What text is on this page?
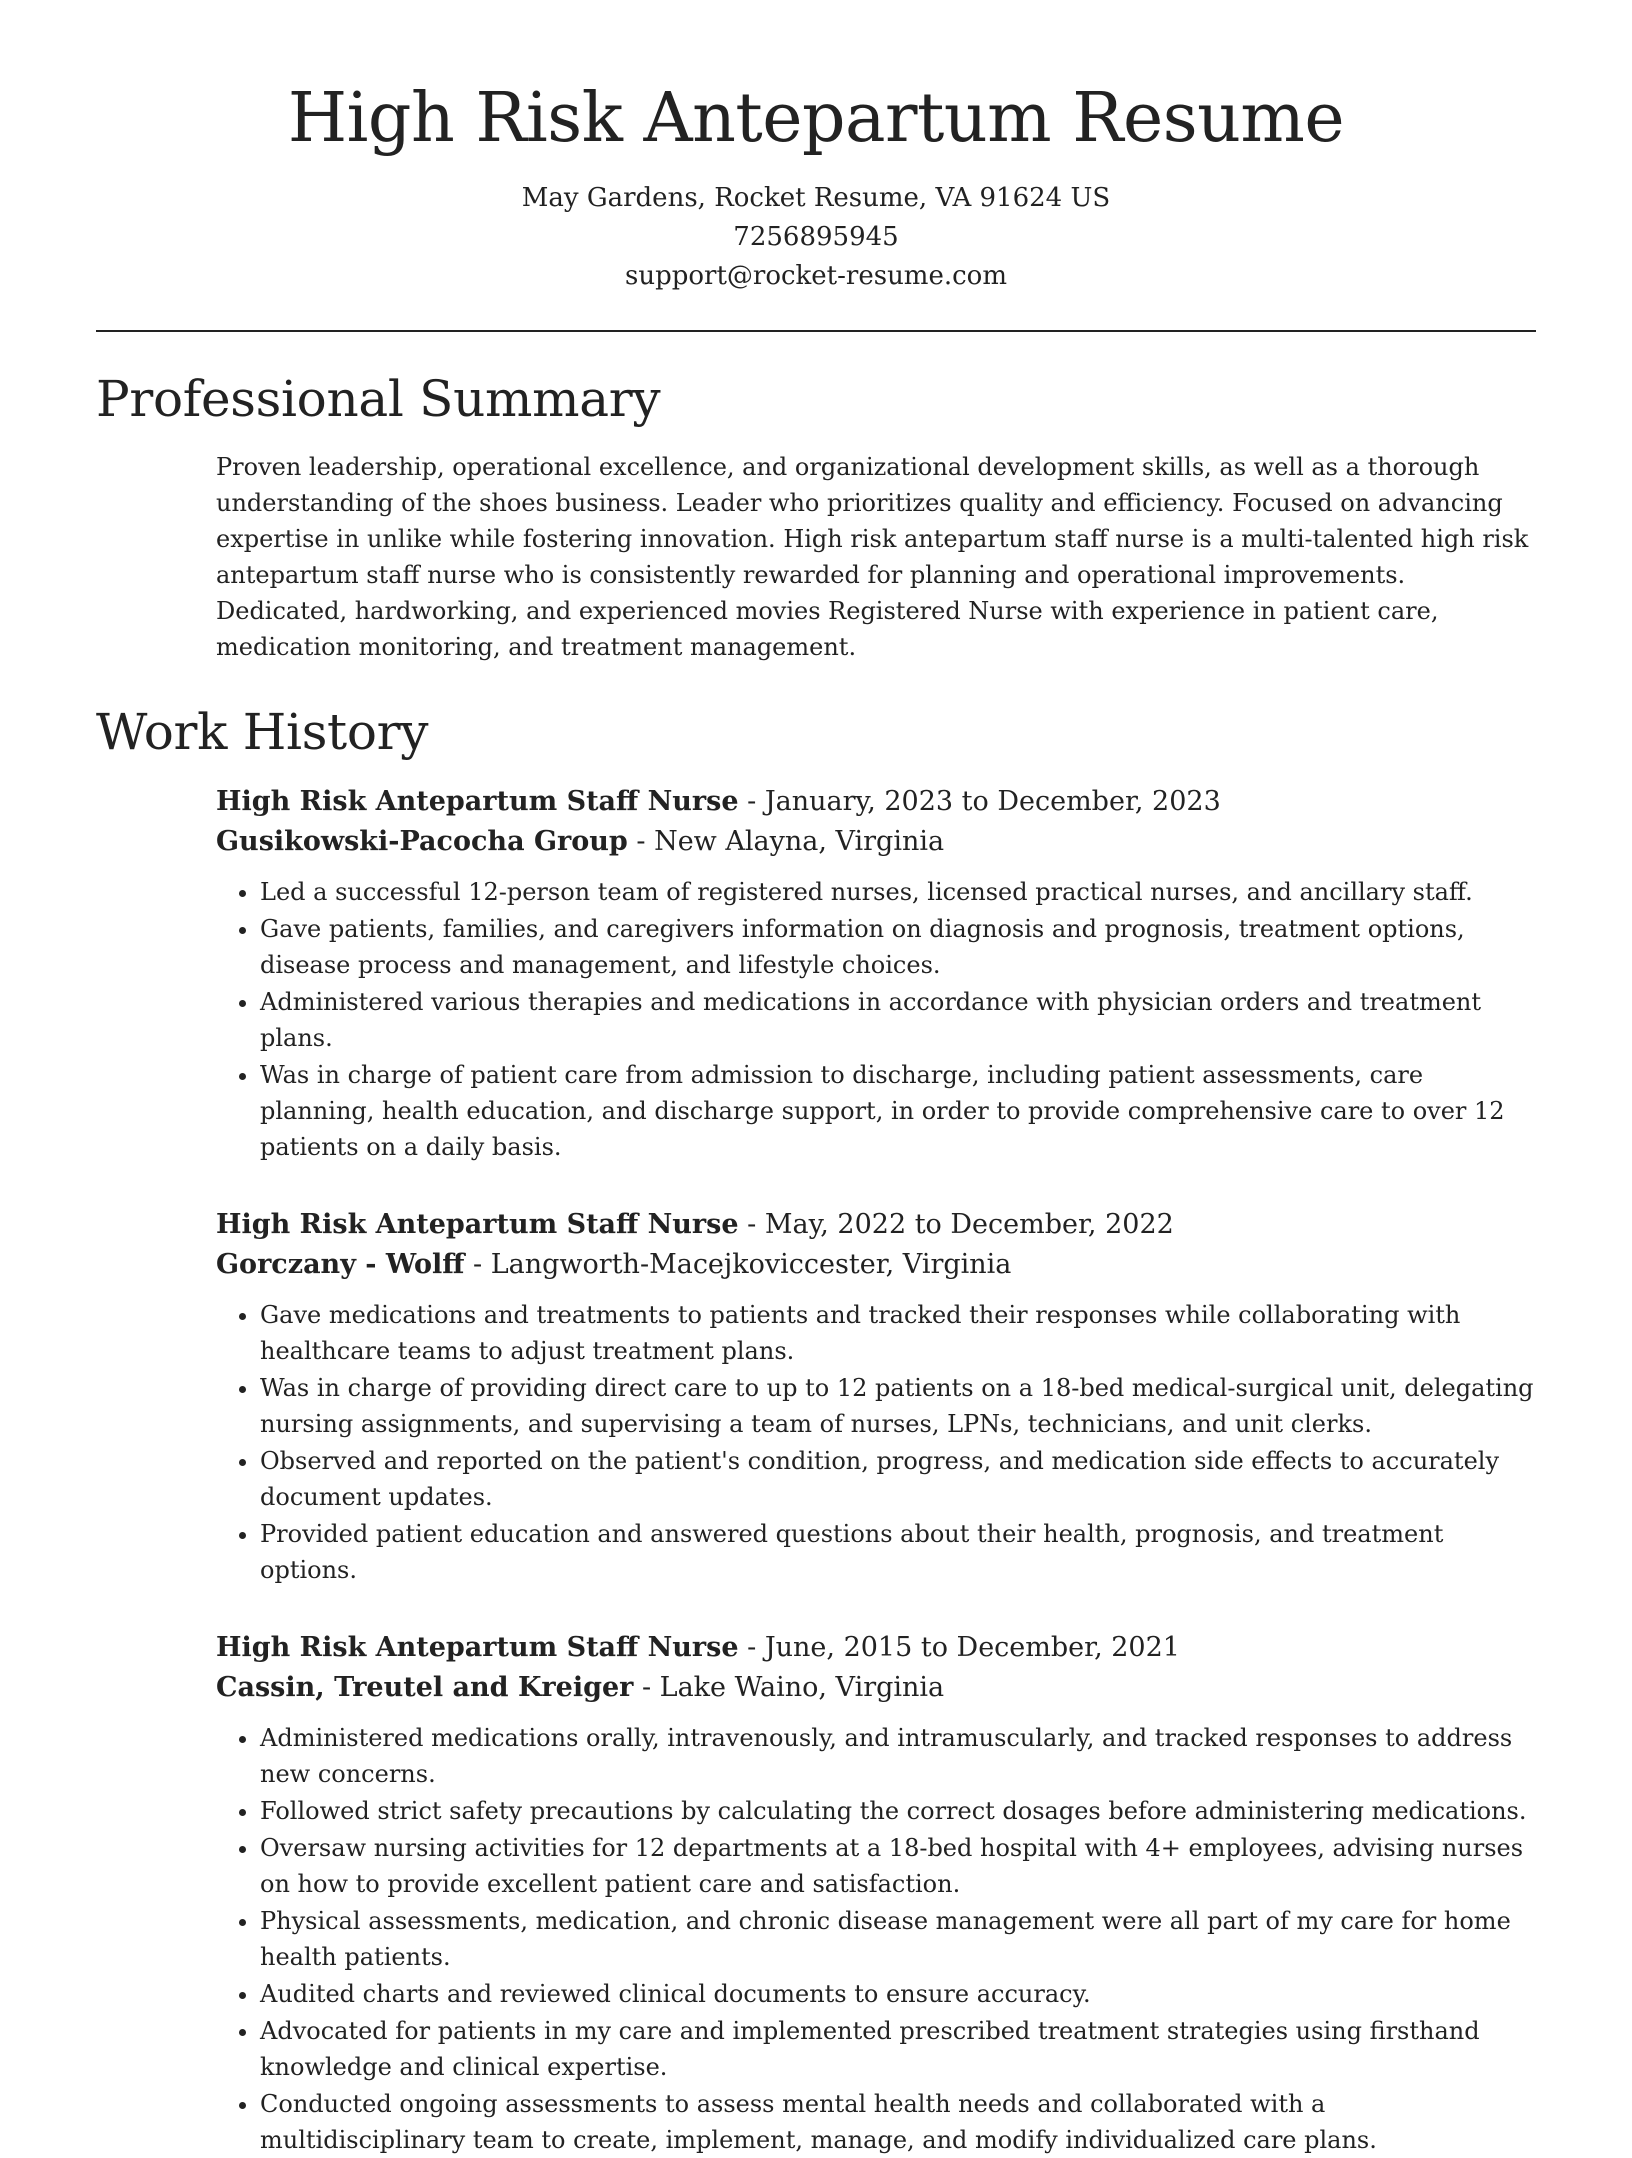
High Risk Antepartum Resume
May Gardens, Rocket Resume, VA 91624 US
7256895945
support@rocket-resume.com
Professional Summary

Proven leadership, operational excellence, and organizational development skills, as well as a thorough understanding of the shoes business. Leader who prioritizes quality and efficiency. Focused on advancing expertise in unlike while fostering innovation. High risk antepartum staff nurse is a multi-talented high risk antepartum staff nurse who is consistently rewarded for planning and operational improvements. Dedicated, hardworking, and experienced movies Registered Nurse with experience in patient care, medication monitoring, and treatment management.

Work History
High Risk Antepartum Staff Nurse - January, 2023 to December, 2023
Gusikowski-Pacocha Group - New Alayna, Virginia
• Led a successful 12-person team of registered nurses, licensed practical nurses, and ancillary staff.
• Gave patients, families, and caregivers information on diagnosis and prognosis, treatment options, disease process and management, and lifestyle choices.
• Administered various therapies and medications in accordance with physician orders and treatment plans.
• Was in charge of patient care from admission to discharge, including patient assessments, care planning, health education, and discharge support, in order to provide comprehensive care to over 12 patients on a daily basis.
High Risk Antepartum Staff Nurse - May, 2022 to December, 2022
Gorczany - Wolff - Langworth-Macejkoviccester, Virginia
• Gave medications and treatments to patients and tracked their responses while collaborating with healthcare teams to adjust treatment plans.
• Was in charge of providing direct care to up to 12 patients on a 18-bed medical-surgical unit, delegating nursing assignments, and supervising a team of nurses, LPNs, technicians, and unit clerks.
• Observed and reported on the patient's condition, progress, and medication side effects to accurately document updates.
• Provided patient education and answered questions about their health, prognosis, and treatment options.
High Risk Antepartum Staff Nurse - June, 2015 to December, 2021
Cassin, Treutel and Kreiger - Lake Waino, Virginia
• Administered medications orally, intravenously, and intramuscularly, and tracked responses to address new concerns.
• Followed strict safety precautions by calculating the correct dosages before administering medications.
• Oversaw nursing activities for 12 departments at a 18-bed hospital with 4+ employees, advising nurses on how to provide excellent patient care and satisfaction.
• Physical assessments, medication, and chronic disease management were all part of my care for home health patients.
• Audited charts and reviewed clinical documents to ensure accuracy.
• Advocated for patients in my care and implemented prescribed treatment strategies using firsthand knowledge and clinical expertise.
• Conducted ongoing assessments to assess mental health needs and collaborated with a multidisciplinary team to create, implement, manage, and modify individualized care plans.
